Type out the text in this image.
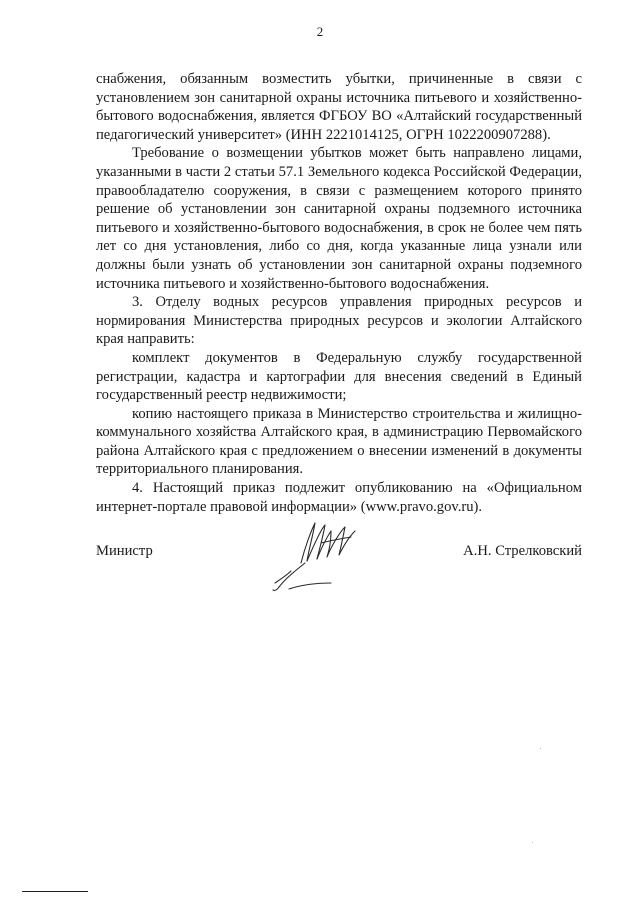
2

снабжения, обязанным возместить убытки, причиненные в связи с установлением зон санитарной охраны источника питьевого и хозяйственно-бытового водоснабжения, является ФГБОУ ВО «Алтайский государственный педагогический университет» (ИНН 2221014125, ОГРН 1022200907288).

Требование о возмещении убытков может быть направлено лицами, указанными в части 2 статьи 57.1 Земельного кодекса Российской Федерации, правообладателю сооружения, в связи с размещением которого принято решение об установлении зон санитарной охраны подземного источника питьевого и хозяйственно-бытового водоснабжения, в срок не более чем пять лет со дня установления, либо со дня, когда указанные лица узнали или должны были узнать об установлении зон санитарной охраны подземного источника питьевого и хозяйственно-бытового водоснабжения.

3. Отделу водных ресурсов управления природных ресурсов и нормирования Министерства природных ресурсов и экологии Алтайского края направить:

комплект документов в Федеральную службу государственной регистрации, кадастра и картографии для внесения сведений в Единый государственный реестр недвижимости;

копию настоящего приказа в Министерство строительства и жилищно-коммунального хозяйства Алтайского края, в администрацию Первомайского района Алтайского края с предложением о внесении изменений в документы территориального планирования.

4. Настоящий приказ подлежит опубликованию на «Официальном интернет-портале правовой информации» (www.pravo.gov.ru).

Министр	А.Н. Стрелковский
